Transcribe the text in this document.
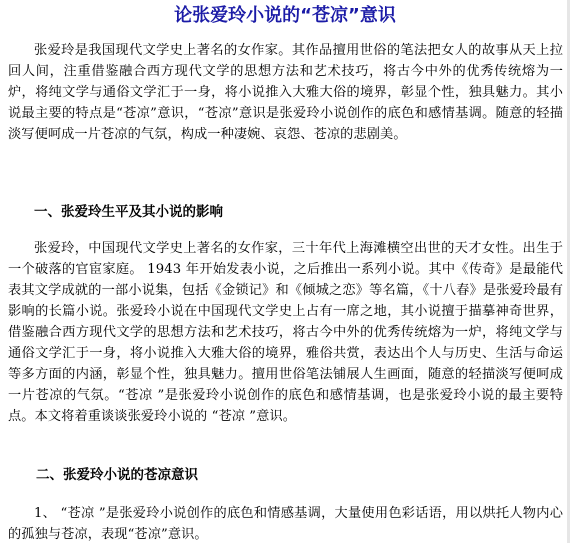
论张爱玲小说的“苍凉”意识

张爱玲是我国现代文学史上著名的女作家。其作品擅用世俗的笔法把女人的故事从天上拉回人间，注重借鉴融合西方现代文学的思想方法和艺术技巧，将古今中外的优秀传统熔为一炉，将纯文学与通俗文学汇于一身，将小说推入大雅大俗的境界，彰显个性，独具魅力。其小说最主要的特点是“苍凉”意识，“苍凉”意识是张爱玲小说创作的底色和感情基调。随意的轻描淡写便呵成一片苍凉的气氛，构成一种凄婉、哀怨、苍凉的悲剧美。

一、张爱玲生平及其小说的影响

张爱玲，中国现代文学史上著名的女作家，三十年代上海滩横空出世的天才女性。出生于一个破落的官宦家庭。 1943 年开始发表小说，之后推出一系列小说。其中《传奇》是最能代表其文学成就的一部小说集，包括《金锁记》和《倾城之恋》等名篇，《十八春》是张爱玲最有影响的长篇小说。张爱玲小说在中国现代文学史上占有一席之地，其小说擅于描摹神奇世界，借鉴融合西方现代文学的思想方法和艺术技巧，将古今中外的优秀传统熔为一炉，将纯文学与通俗文学汇于一身，将小说推入大雅大俗的境界，雅俗共赏，表达出个人与历史、生活与命运等多方面的内涵，彰显个性，独具魅力。擅用世俗笔法铺展人生画面，随意的轻描淡写便呵成一片苍凉的气氛。“苍凉 ”是张爱玲小说创作的底色和感情基调，也是张爱玲小说的最主要特点。本文将着重谈谈张爱玲小说的 “苍凉 ”意识。

二、张爱玲小说的苍凉意识

1、 “苍凉 ”是张爱玲小说创作的底色和情感基调，大量使用色彩话语，用以烘托人物内心的孤独与苍凉，表现“苍凉”意识。
